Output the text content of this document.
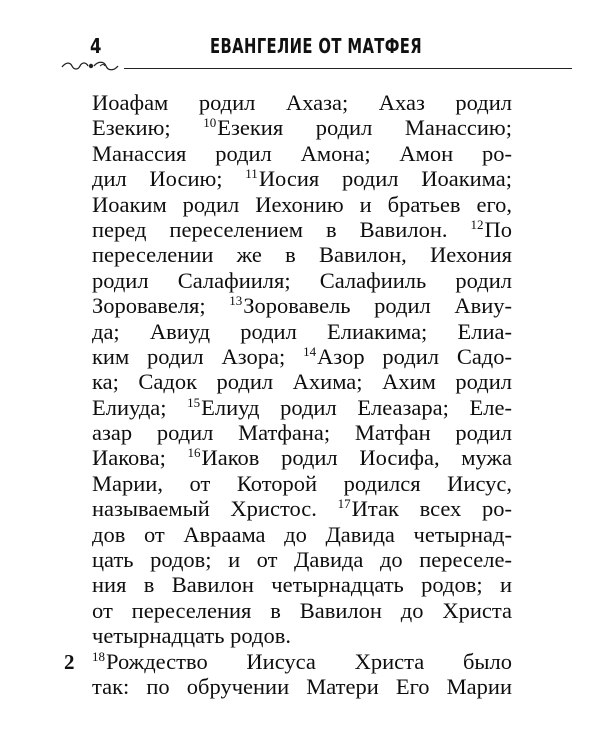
4	ЕВАНГЕЛИЕ ОТ МАТФЕЯ
Иоафам родил Ахаза; Ахаз родил
Езекию;	$^{10}$Езекия родил Манассию;
Манассия родил Амона; Амон ро-
дил Иосию; $^{11}$Иосия родил Иоакима;
Иоаким родил Иехонию и братьев его,
перед переселением в Вавилон. $^{12}$По
переселении же в Вавилон, Иехония
родил Салафииля; Салафииль родил
Зоровавеля; $^{13}$Зоровавель родил Авиу-
да; Авиуд родил Елиакима; Елиа-
ким родил Азора; $^{14}$Азор родил Садо-
ка; Садок родил Ахима; Ахим родил
Елиуда; $^{15}$Елиуд родил Елеазара; Еле-
азар родил Матфана; Матфан родил
Иакова; $^{16}$Иаков родил Иосифа, мужа
Марии, от Которой родился Иисус,
называемый Христос. $^{17}$Итак всех ро-
дов от Авраама до Давида четырнад-
цать родов; и от Давида до переселе-
ния в Вавилон четырнадцать родов; и
от переселения в Вавилон до Христа
четырнадцать родов.
$^{18}$Рождество Иисуса Христа было
так: по обручении Матери Его Марии
2
